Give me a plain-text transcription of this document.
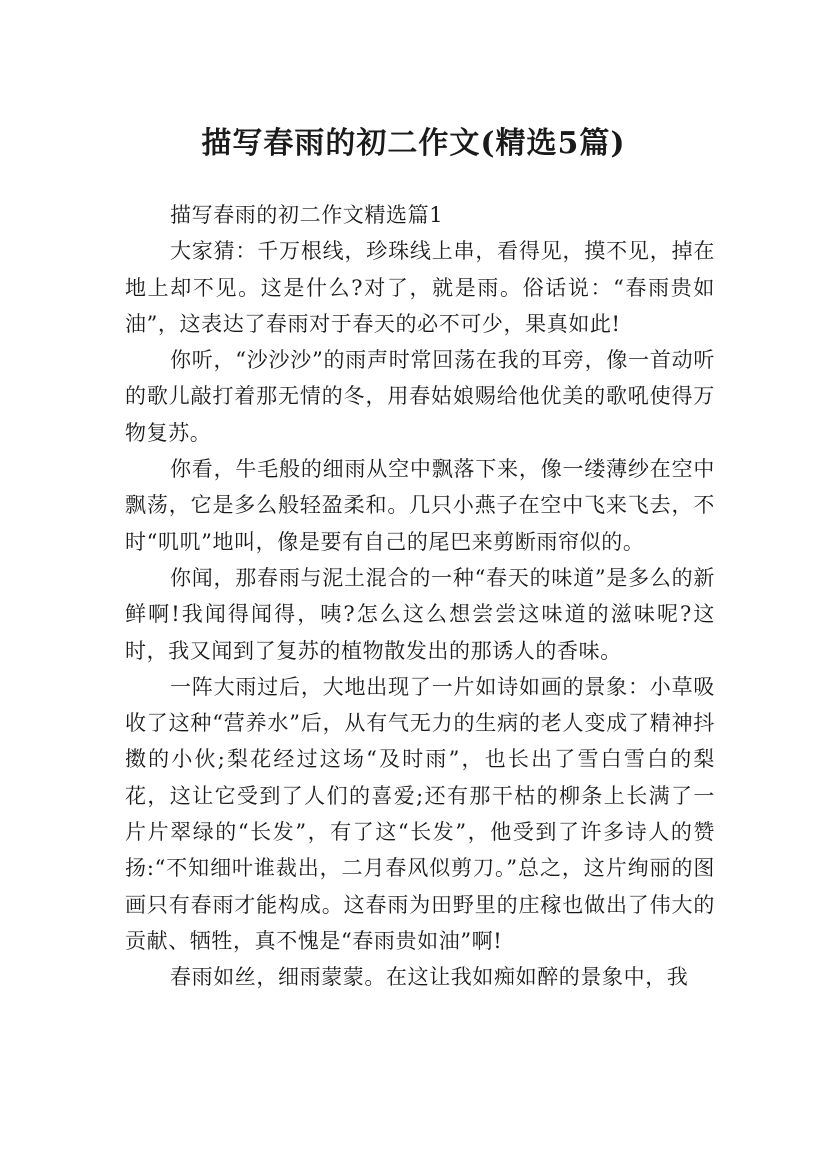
描写春雨的初二作文(精选5篇)

描写春雨的初二作文精选篇1

大家猜：千万根线，珍珠线上串，看得见，摸不见，掉在地上却不见。这是什么?对了，就是雨。俗话说：“春雨贵如油”，这表达了春雨对于春天的必不可少，果真如此!

你听，“沙沙沙”的雨声时常回荡在我的耳旁，像一首动听的歌儿敲打着那无情的冬，用春姑娘赐给他优美的歌吼使得万物复苏。

你看，牛毛般的细雨从空中飘落下来，像一缕薄纱在空中飘荡，它是多么般轻盈柔和。几只小燕子在空中飞来飞去，不时“叽叽”地叫，像是要有自己的尾巴来剪断雨帘似的。

你闻，那春雨与泥土混合的一种“春天的味道”是多么的新鲜啊!我闻得闻得，咦?怎么这么想尝尝这味道的滋味呢?这时，我又闻到了复苏的植物散发出的那诱人的香味。

一阵大雨过后，大地出现了一片如诗如画的景象：小草吸收了这种“营养水”后，从有气无力的生病的老人变成了精神抖擞的小伙;梨花经过这场“及时雨”，也长出了雪白雪白的梨花，这让它受到了人们的喜爱;还有那干枯的柳条上长满了一片片翠绿的“长发”，有了这“长发”，他受到了许多诗人的赞扬:“不知细叶谁裁出，二月春风似剪刀。”总之，这片绚丽的图画只有春雨才能构成。这春雨为田野里的庄稼也做出了伟大的贡献、牺牲，真不愧是“春雨贵如油”啊!

春雨如丝，细雨蒙蒙。在这让我如痴如醉的景象中，我
